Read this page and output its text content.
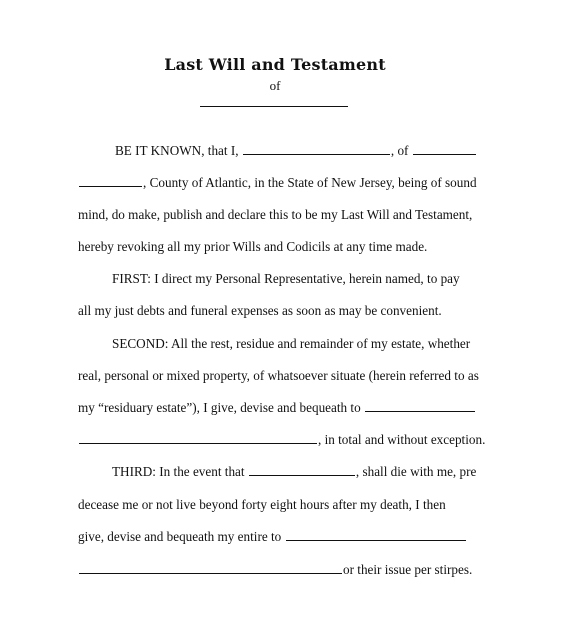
Last Will and Testament
of
BE IT KNOWN, that I,	, of
, County of Atlantic, in the State of New Jersey, being of sound
mind, do make, publish and declare this to be my Last Will and Testament,
hereby revoking all my prior Wills and Codicils at any time made.
FIRST: I direct my Personal Representative, herein named, to pay
all my just debts and funeral expenses as soon as may be convenient.
SECOND: All the rest, residue and remainder of my estate, whether
real, personal or mixed property, of whatsoever situate (herein referred to as
my “residuary estate”), I give, devise and bequeath to
, in total and without exception.
THIRD: In the event that	, shall die with me, pre
decease me or not live beyond forty eight hours after my death, I then
give, devise and bequeath my entire to
or their issue per stirpes.
